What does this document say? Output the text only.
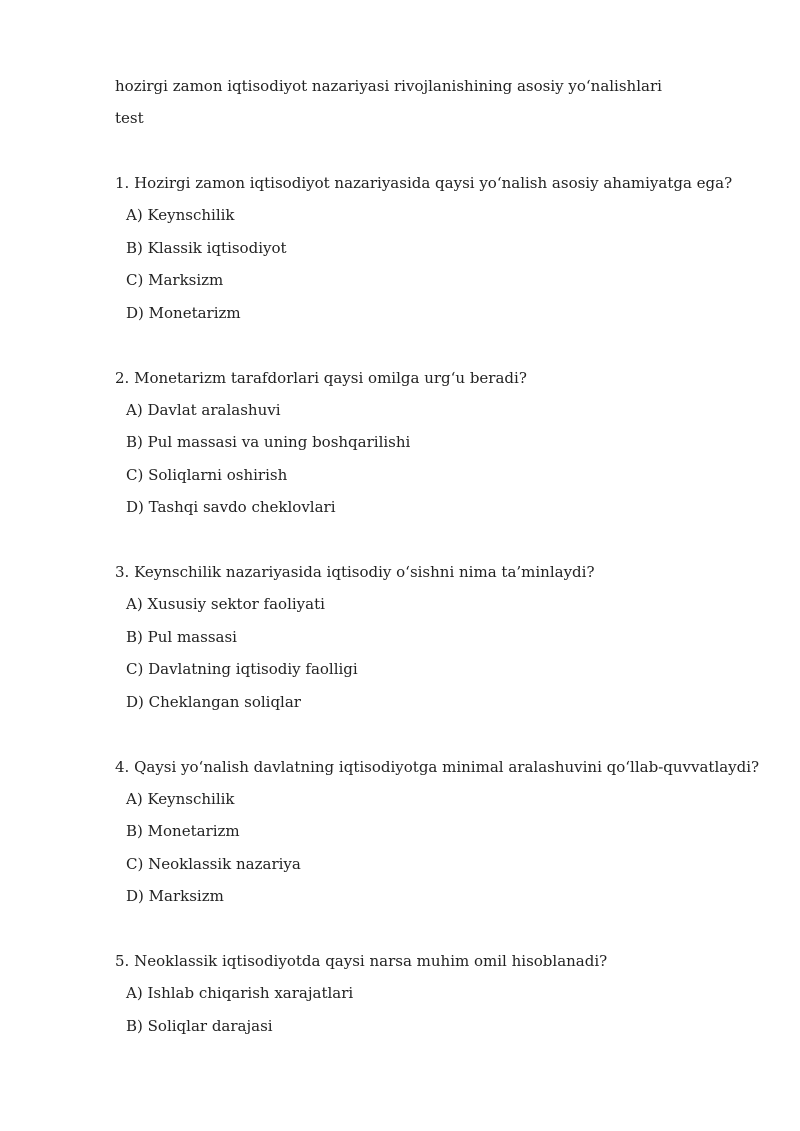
hozirgi zamon iqtisodiyot nazariyasi rivojlanishining asosiy yo‘nalishlari

test

1. Hozirgi zamon iqtisodiyot nazariyasida qaysi yo‘nalish asosiy ahamiyatga ega?

A) Keynschilik
B) Klassik iqtisodiyot
C) Marksizm
D) Monetarizm

2. Monetarizm tarafdorlari qaysi omilga urg‘u beradi?

A) Davlat aralashuvi
B) Pul massasi va uning boshqarilishi
C) Soliqlarni oshirish
D) Tashqi savdo cheklovlari

3. Keynschilik nazariyasida iqtisodiy o‘sishni nima ta’minlaydi?

A) Xususiy sektor faoliyati
B) Pul massasi
C) Davlatning iqtisodiy faolligi
D) Cheklangan soliqlar

4. Qaysi yo‘nalish davlatning iqtisodiyotga minimal aralashuvini qo‘llab-quvvatlaydi?

A) Keynschilik
B) Monetarizm
C) Neoklassik nazariya
D) Marksizm

5. Neoklassik iqtisodiyotda qaysi narsa muhim omil hisoblanadi?

A) Ishlab chiqarish xarajatlari
B) Soliqlar darajasi
